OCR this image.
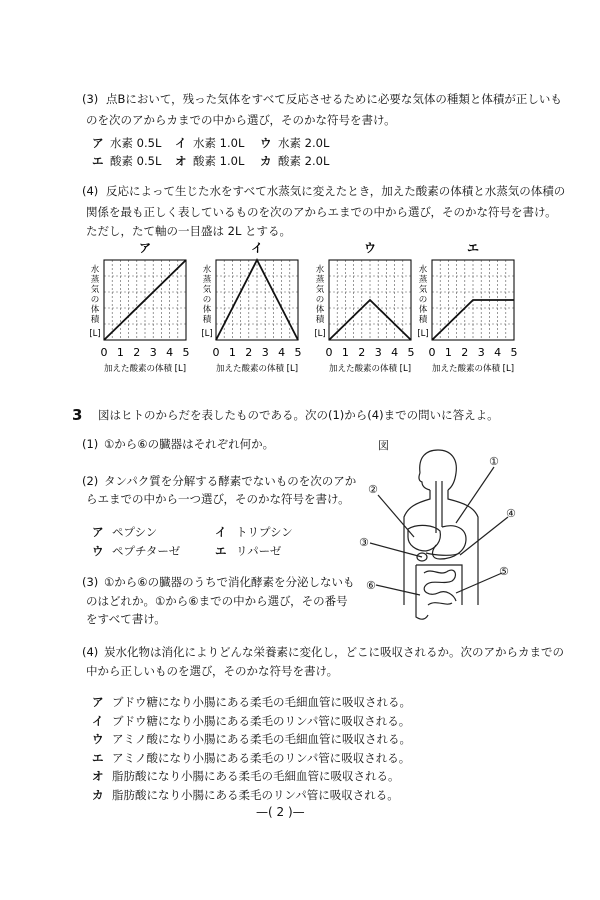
(3) 点Bにおいて，残った気体をすべて反応させるために必要な気体の種類と体積が正しいも
のを次のアからカまでの中から選び，そのかな符号を書け。
ア 水素 0.5L イ 水素 1.0L ウ 水素 2.0L
エ 酸素 0.5L オ 酸素 1.0L カ 酸素 2.0L
(4) 反応によって生じた水をすべて水蒸気に変えたとき，加えた酸素の体積と水蒸気の体積の
関係を最も正しく表しているものを次のアからエまでの中から選び，そのかな符号を書け。
ただし，たて軸の一目盛は 2L とする。
ア
水
蒸
気
の
体
積
[L]
0 1 2 3 4 5
加えた酸素の体積 [L]
イ
水
蒸
気
の
体
積
[L]
0 1 2 3 4 5
加えた酸素の体積 [L]
ウ
水
蒸
気
の
体
積
[L]
0 1 2 3 4 5
加えた酸素の体積 [L]
エ
水
蒸
気
の
体
積
[L]
0 1 2 3 4 5
加えた酸素の体積 [L]
3 図はヒトのからだを表したものである。次の(1)から(4)までの問いに答えよ。
(1) ①から⑥の臓器はそれぞれ何か。
(2) タンパク質を分解する酵素でないものを次のアか
らエまでの中から一つ選び，そのかな符号を書け。
ア ペプシン	イ トリプシン
ウ ペプチターゼ	エ リパーゼ
(3) ①から⑥の臓器のうちで消化酵素を分泌しないも
のはどれか。①から⑥までの中から選び，その番号
をすべて書け。
図
①
②
③
④
⑤
⑥
(4) 炭水化物は消化によりどんな栄養素に変化し，どこに吸収されるか。次のアからカまでの
中から正しいものを選び，そのかな符号を書け。
ア ブドウ糖になり小腸にある柔毛の毛細血管に吸収される。
イ ブドウ糖になり小腸にある柔毛のリンパ管に吸収される。
ウ アミノ酸になり小腸にある柔毛の毛細血管に吸収される。
エ アミノ酸になり小腸にある柔毛のリンパ管に吸収される。
オ 脂肪酸になり小腸にある柔毛の毛細血管に吸収される。
カ 脂肪酸になり小腸にある柔毛のリンパ管に吸収される。
—( 2 )—
